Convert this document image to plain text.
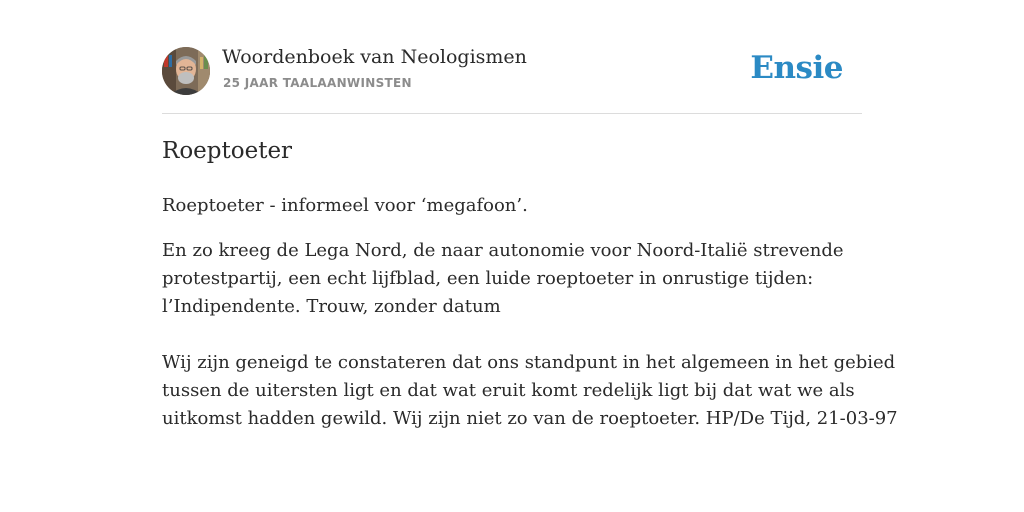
Woordenboek van Neologismen
25 JAAR TAALAANWINSTEN	Ensie
Roeptoeter
Roeptoeter - informeel voor ‘megafoon’.

En zo kreeg de Lega Nord, de naar autonomie voor Noord-Italië strevende
protestpartij, een echt lijfblad, een luide roeptoeter in onrustige tijden:
l’Indipendente. Trouw, zonder datum

Wij zijn geneigd te constateren dat ons standpunt in het algemeen in het gebied
tussen de uitersten ligt en dat wat eruit komt redelijk ligt bij dat wat we als
uitkomst hadden gewild. Wij zijn niet zo van de roeptoeter. HP/De Tijd, 21-03-97
